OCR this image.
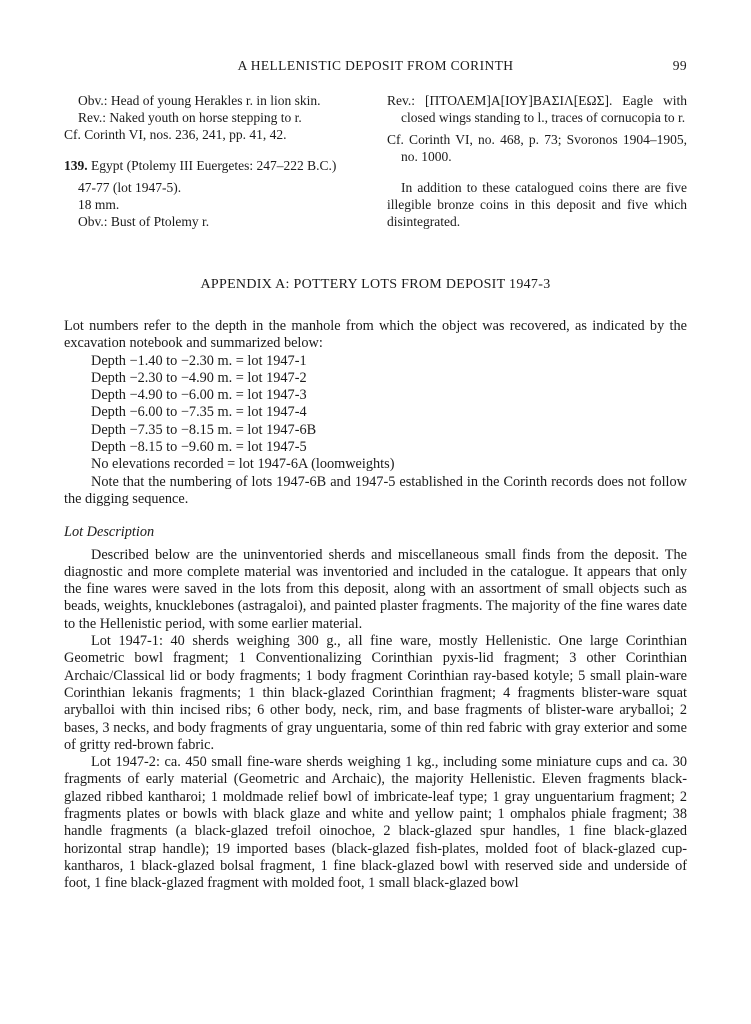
A HELLENISTIC DEPOSIT FROM CORINTH	99

Obv.: Head of young Herakles r. in lion skin.

Rev.: Naked youth on horse stepping to r.

Cf. Corinth VI, nos. 236, 241, pp. 41, 42.

139. Egypt (Ptolemy III Euergetes: 247–222 B.C.)

47-77 (lot 1947-5).

18 mm.

Obv.: Bust of Ptolemy r.

Rev.: [ΠΤΟΛΕΜ]Α[ΙΟΥ]ΒΑΣΙΛ[ΕΩΣ]. Eagle with closed wings standing to l., traces of cornucopia to r.

Cf. Corinth VI, no. 468, p. 73; Svoronos 1904–1905, no. 1000.

In addition to these catalogued coins there are five illegible bronze coins in this deposit and five which disintegrated.

APPENDIX A: POTTERY LOTS FROM DEPOSIT 1947-3

Lot numbers refer to the depth in the manhole from which the object was recovered, as indicated by the excavation notebook and summarized below:

Depth −1.40 to −2.30 m. = lot 1947-1

Depth −2.30 to −4.90 m. = lot 1947-2

Depth −4.90 to −6.00 m. = lot 1947-3

Depth −6.00 to −7.35 m. = lot 1947-4

Depth −7.35 to −8.15 m. = lot 1947-6B

Depth −8.15 to −9.60 m. = lot 1947-5

No elevations recorded = lot 1947-6A (loomweights)

Note that the numbering of lots 1947-6B and 1947-5 established in the Corinth records does not follow the digging sequence.

Lot Description

Described below are the uninventoried sherds and miscellaneous small finds from the deposit. The diagnostic and more complete material was inventoried and included in the catalogue. It appears that only the fine wares were saved in the lots from this deposit, along with an assortment of small objects such as beads, weights, knucklebones (astragaloi), and painted plaster fragments. The majority of the fine wares date to the Hellenistic period, with some earlier material.

Lot 1947-1: 40 sherds weighing 300 g., all fine ware, mostly Hellenistic. One large Corinthian Geometric bowl fragment; 1 Conventionalizing Corinthian pyxis-lid fragment; 3 other Corinthian Archaic/Classical lid or body fragments; 1 body fragment Corinthian ray-based kotyle; 5 small plain-ware Corinthian lekanis fragments; 1 thin black-glazed Corinthian fragment; 4 fragments blister-ware squat aryballoi with thin incised ribs; 6 other body, neck, rim, and base fragments of blister-ware aryballoi; 2 bases, 3 necks, and body fragments of gray unguentaria, some of thin red fabric with gray exterior and some of gritty red-brown fabric.

Lot 1947-2: ca. 450 small fine-ware sherds weighing 1 kg., including some miniature cups and ca. 30 fragments of early material (Geometric and Archaic), the majority Hellenistic. Eleven fragments black-glazed ribbed kantharoi; 1 moldmade relief bowl of imbricate-leaf type; 1 gray unguentarium fragment; 2 fragments plates or bowls with black glaze and white and yellow paint; 1 omphalos phiale fragment; 38 handle fragments (a black-glazed trefoil oinochoe, 2 black-glazed spur handles, 1 fine black-glazed horizontal strap handle); 19 imported bases (black-glazed fish-plates, molded foot of black-glazed cup-kantharos, 1 black-glazed bolsal fragment, 1 fine black-glazed bowl with reserved side and underside of foot, 1 fine black-glazed fragment with molded foot, 1 small black-glazed bowl
